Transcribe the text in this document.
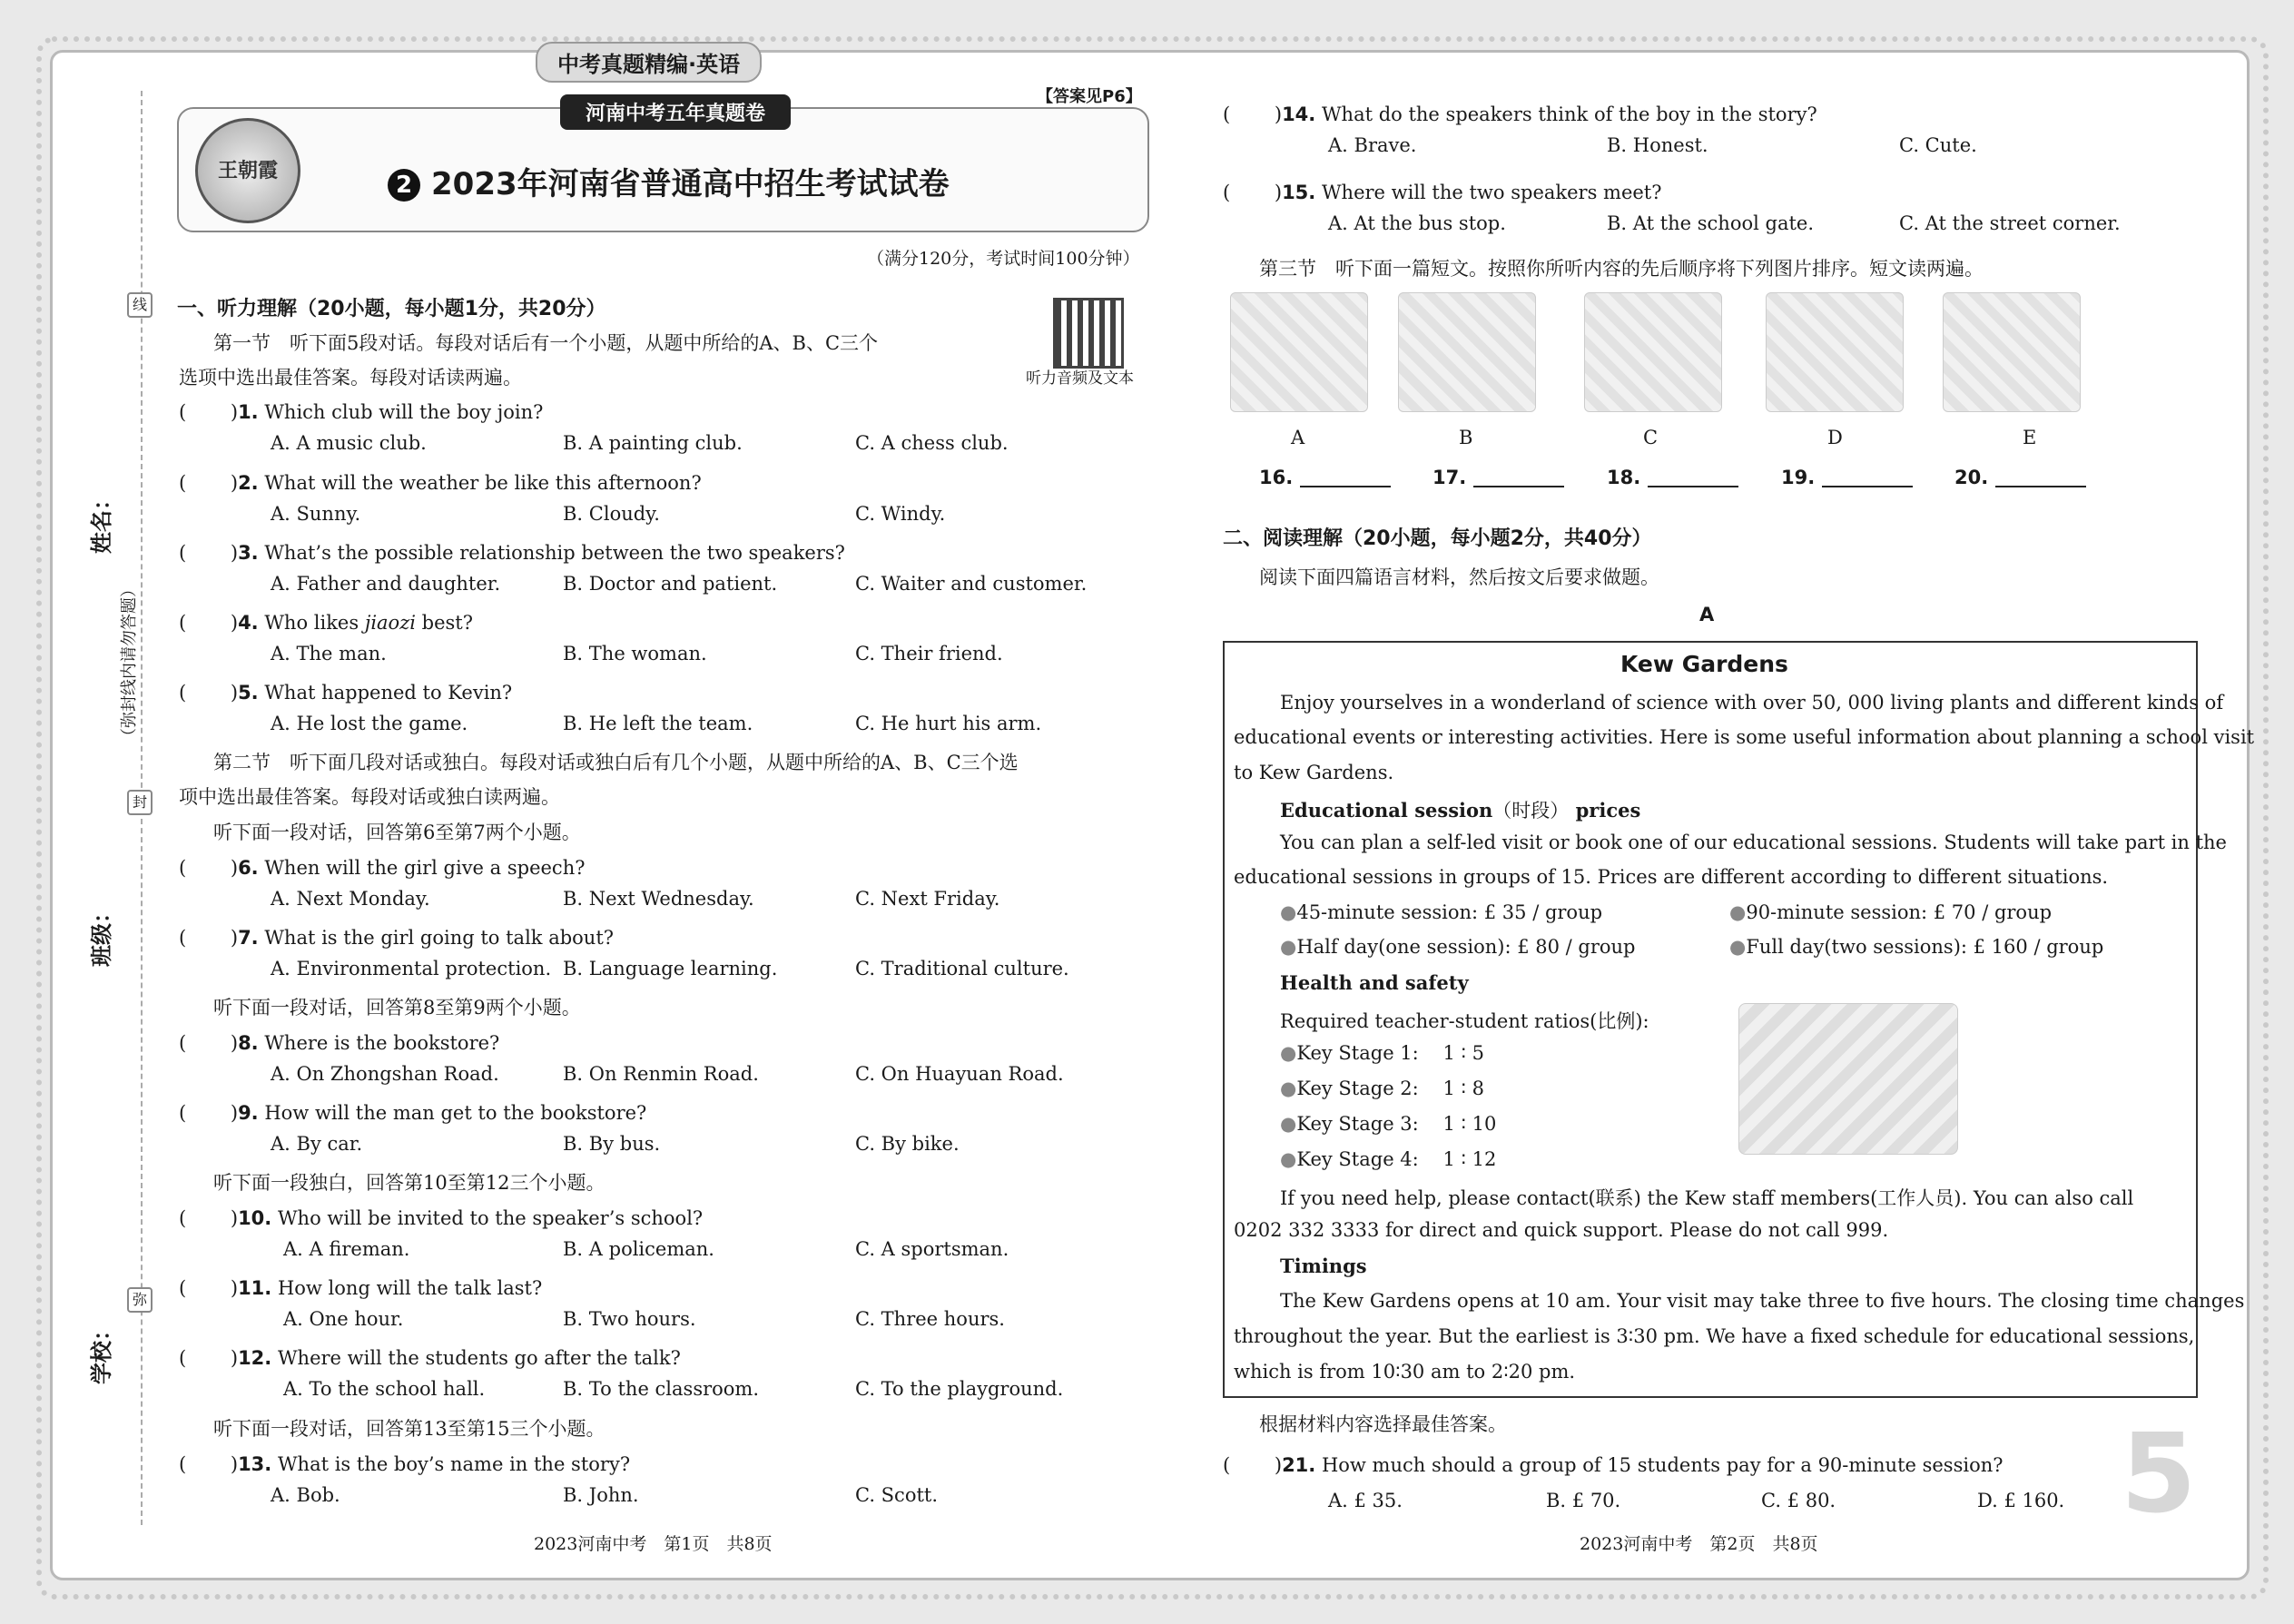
中考真题精编·英语
线
封
弥
姓名：
班级：
学校：
（弥封线内请勿答题）
【答案见P6】
王朝霞
河南中考五年真题卷
2 2023年河南省普通高中招生考试试卷
（满分120分，考试时间100分钟）
听力音频及文本
一、听力理解（20小题，每小题1分，共20分）
第一节　听下面5段对话。每段对话后有一个小题，从题中所给的A、B、C三个
选项中选出最佳答案。每段对话读两遍。
(　　 )1. Which club will the boy join?
A. A music club.	B. A painting club.	C. A chess club.
(　　 )2. What will the weather be like this afternoon?
A. Sunny.	B. Cloudy.	C. Windy.
(　　 )3. What’s the possible relationship between the two speakers?
A. Father and daughter.	B. Doctor and patient.	C. Waiter and customer.
(　　 )4. Who likes jiaozi best?
A. The man.	B. The woman.	C. Their friend.
(　　 )5. What happened to Kevin?
A. He lost the game.	B. He left the team.	C. He hurt his arm.
(　　 )6. When will the girl give a speech?
A. Next Monday.	B. Next Wednesday.	C. Next Friday.
(　　 )7. What is the girl going to talk about?
A. Environmental protection. B. Language learning.	C. Traditional culture.
(　　 )8. Where is the bookstore?
A. On Zhongshan Road.	B. On Renmin Road.	C. On Huayuan Road.
(　　 )9. How will the man get to the bookstore?
A. By car.	B. By bus.	C. By bike.
(　　 )10. Who will be invited to the speaker’s school?
A. A fireman.	B. A policeman.	C. A sportsman.
(　　 )11. How long will the talk last?
A. One hour.	B. Two hours.	C. Three hours.
(　　 )12. Where will the students go after the talk?
A. To the school hall.	B. To the classroom.	C. To the playground.
(　　 )13. What is the boy’s name in the story?
A. Bob.	B. John.	C. Scott.
(　　 )14. What do the speakers think of the boy in the story?
A. Brave.	B. Honest.	C. Cute.
(　　 )15. Where will the two speakers meet?
A. At the bus stop.	B. At the school gate.	C. At the street corner.
第二节　听下面几段对话或独白。每段对话或独白后有几个小题，从题中所给的A、B、C三个选
项中选出最佳答案。每段对话或独白读两遍。
听下面一段对话，回答第6至第7两个小题。
听下面一段对话，回答第8至第9两个小题。
听下面一段独白，回答第10至第12三个小题。
听下面一段对话，回答第13至第15三个小题。
第三节　听下面一篇短文。按照你所听内容的先后顺序将下列图片排序。短文读两遍。
A	B	C	D	E
16.	17.	18.	19.	20.
二、阅读理解（20小题，每小题2分，共40分）
阅读下面四篇语言材料，然后按文后要求做题。
A
Kew Gardens
Enjoy yourselves in a wonderland of science with over 50, 000 living plants and different kinds of
educational events or interesting activities. Here is some useful information about planning a school visit
to Kew Gardens.
Educational session（时段） prices
You can plan a self-led visit or book one of our educational sessions. Students will take part in the
educational sessions in groups of 15. Prices are different according to different situations.
●45-minute session: £ 35 / group	●90-minute session: £ 70 / group
●Half day(one session): £ 80 / group	●Full day(two sessions): £ 160 / group
Health and safety
Required teacher-student ratios(比例):
●Key Stage 1:    1 ∶ 5
●Key Stage 2:    1 ∶ 8
●Key Stage 3:    1 ∶ 10
●Key Stage 4:    1 ∶ 12
If you need help, please contact(联系) the Kew staff members(工作人员). You can also call
0202 332 3333 for direct and quick support. Please do not call 999.
Timings
The Kew Gardens opens at 10 am. Your visit may take three to five hours. The closing time changes
throughout the year. But the earliest is 3∶30 pm. We have a fixed schedule for educational sessions,
which is from 10∶30 am to 2∶20 pm.
根据材料内容选择最佳答案。
(　　 )21. How much should a group of 15 students pay for a 90-minute session?
A. £ 35.	B. £ 70.	C. £ 80.	D. £ 160. 5
2023河南中考　第1页　共8页	2023河南中考　第2页　共8页
